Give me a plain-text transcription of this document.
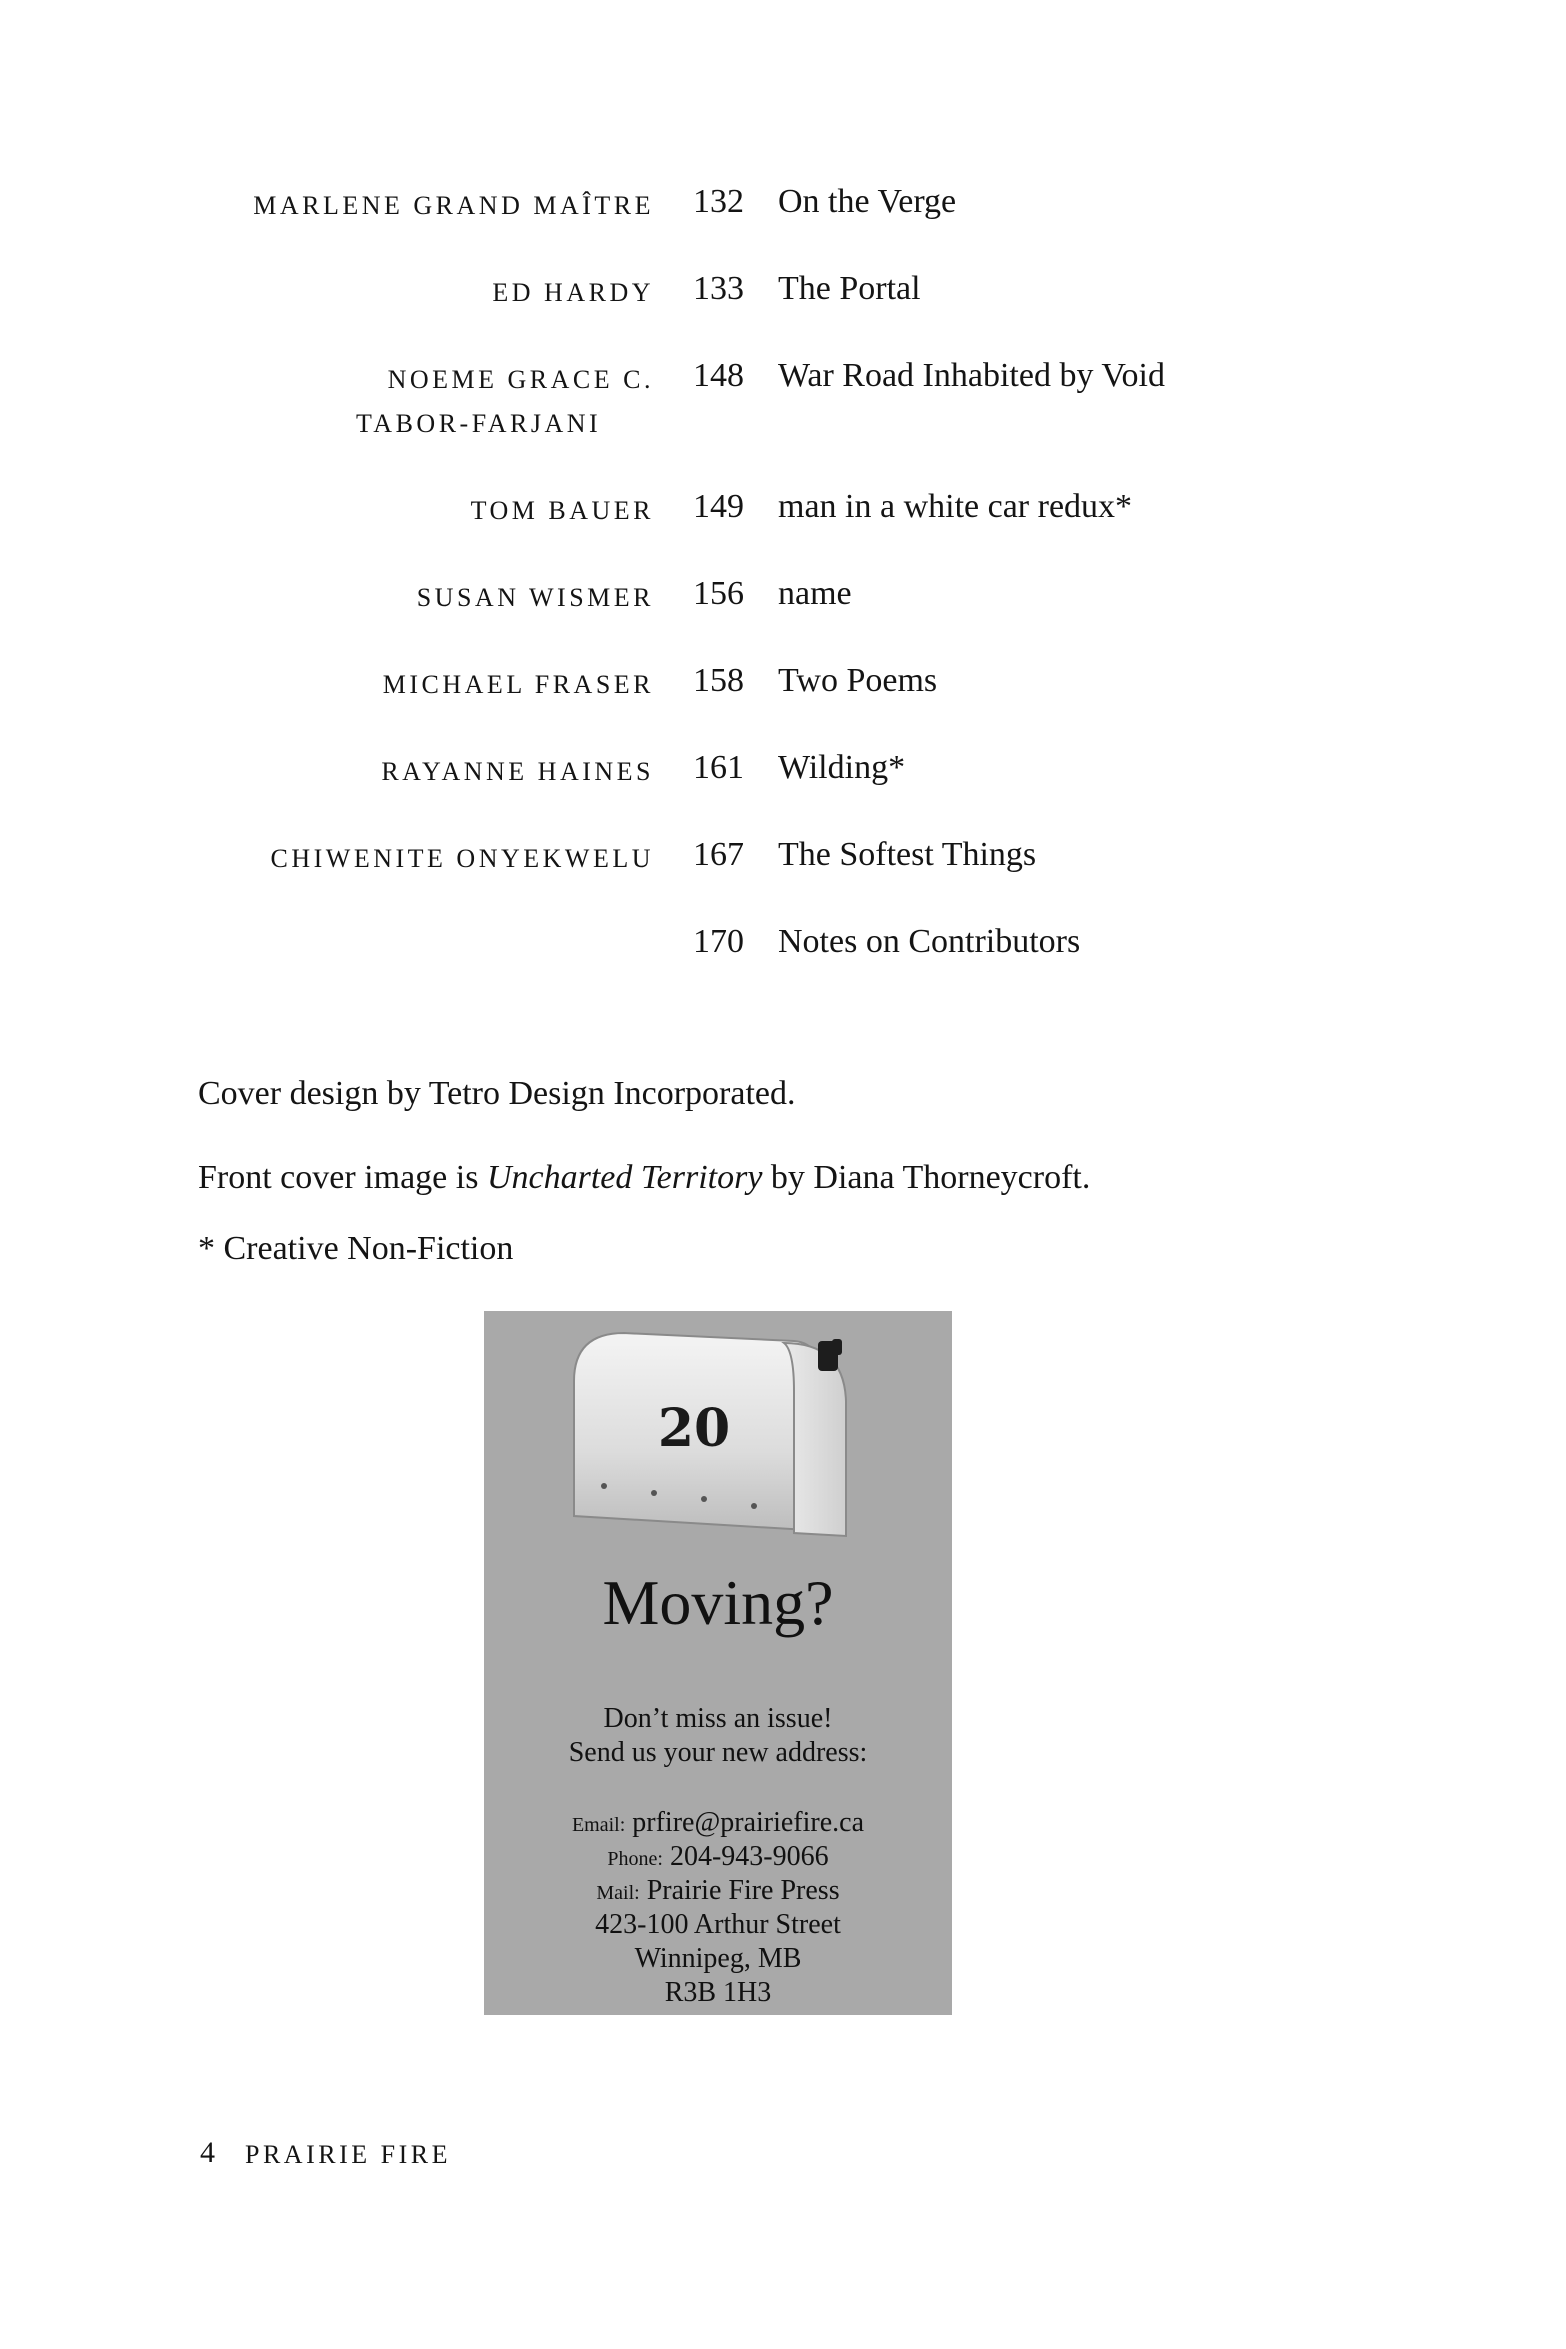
MARLENE GRAND MAÎTRE 132 On the Verge
ED HARDY 133 The Portal
NOEME GRACE C.
TABOR-FARJANI
148 War Road Inhabited by Void
TOM BAUER 149 man in a white car redux*
SUSAN WISMER 156 name
MICHAEL FRASER 158 Two Poems
RAYANNE HAINES 161 Wilding*
CHIWENITE ONYEKWELU 167 The Softest Things
170 Notes on Contributors
Cover design by Tetro Design Incorporated.
Front cover image is Uncharted Territory by Diana Thorneycroft.
* Creative Non-Fiction
20
Moving?
Don’t miss an issue!
Send us your new address:
Email: prfire@prairiefire.ca
Phone: 204-943-9066
Mail: Prairie Fire Press
423-100 Arthur Street
Winnipeg, MB
R3B 1H3
4 PRAIRIE FIRE
